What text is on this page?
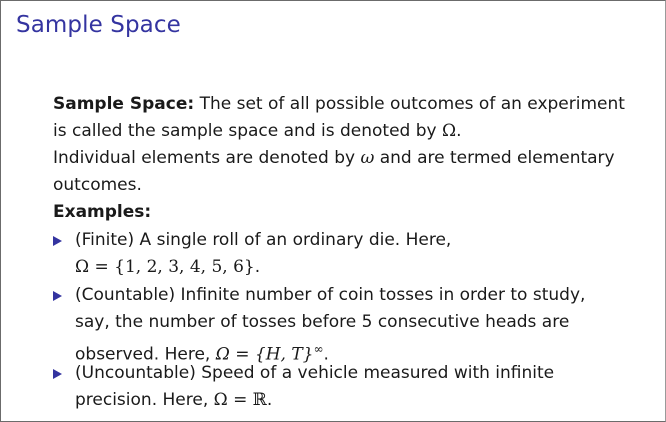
Sample Space
Sample Space: The set of all possible outcomes of an experiment
is called the sample space and is denoted by Ω.
Individual elements are denoted by ω and are termed elementary
outcomes.
Examples:
(Finite) A single roll of an ordinary die. Here,
Ω = {1, 2, 3, 4, 5, 6}.
(Countable) Infinite number of coin tosses in order to study,
say, the number of tosses before 5 consecutive heads are
observed. Here, Ω = {H, T}∞.
(Uncountable) Speed of a vehicle measured with infinite
precision. Here, Ω = ℝ.
